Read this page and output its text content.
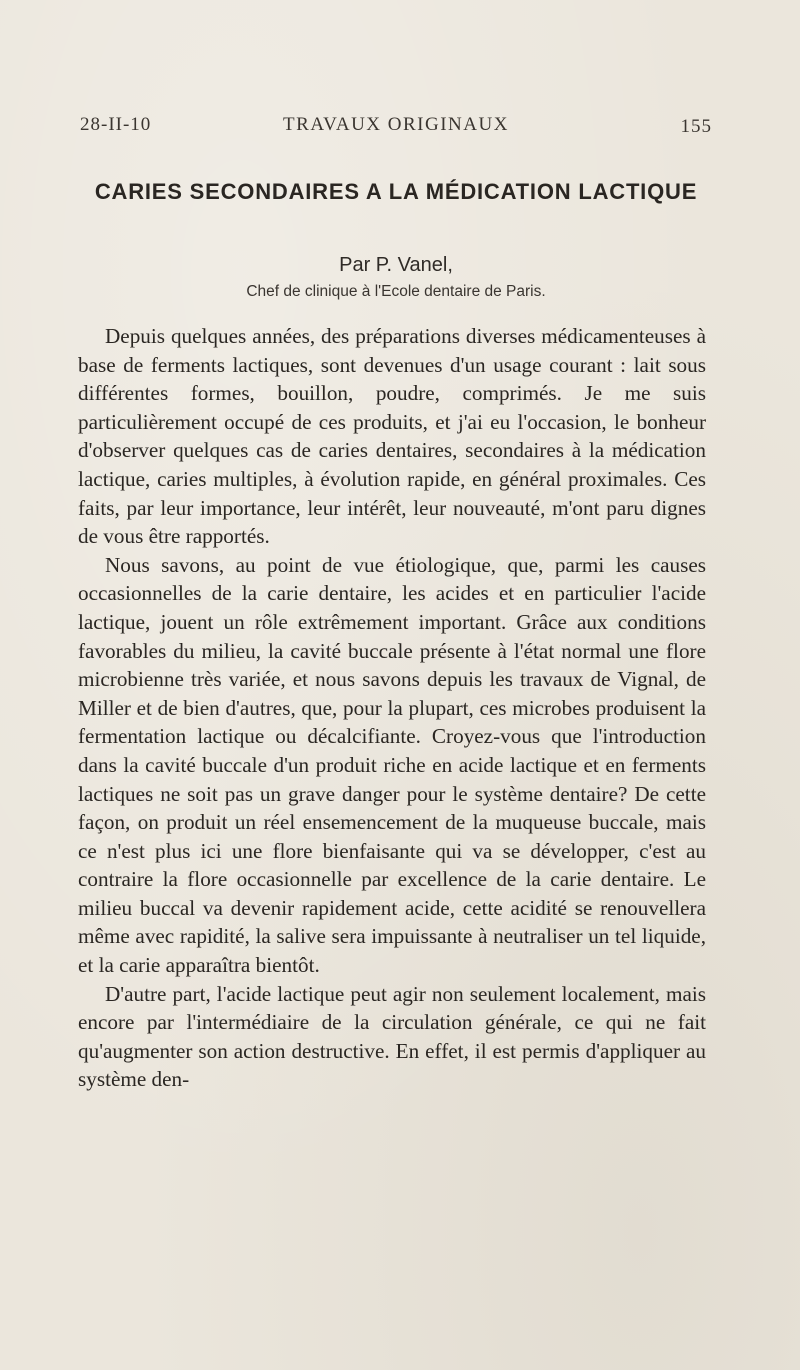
28-II-10	TRAVAUX ORIGINAUX	155
CARIES SECONDAIRES A LA MÉDICATION LACTIQUE
Par P. Vanel,
Chef de clinique à l'Ecole dentaire de Paris.

Depuis quelques années, des préparations diverses médicamenteuses à base de ferments lactiques, sont devenues d'un usage courant : lait sous différentes formes, bouillon, poudre, comprimés. Je me suis particulièrement occupé de ces produits, et j'ai eu l'occasion, le bonheur d'observer quelques cas de caries dentaires, secondaires à la médication lactique, caries multiples, à évolution rapide, en général proximales. Ces faits, par leur importance, leur intérêt, leur nouveauté, m'ont paru dignes de vous être rapportés.

Nous savons, au point de vue étiologique, que, parmi les causes occasionnelles de la carie dentaire, les acides et en particulier l'acide lactique, jouent un rôle extrêmement important. Grâce aux conditions favorables du milieu, la cavité buccale présente à l'état normal une flore microbienne très variée, et nous savons depuis les travaux de Vignal, de Miller et de bien d'autres, que, pour la plupart, ces microbes produisent la fermentation lactique ou décalcifiante. Croyez-vous que l'introduction dans la cavité buccale d'un produit riche en acide lactique et en ferments lactiques ne soit pas un grave danger pour le système dentaire? De cette façon, on produit un réel ensemencement de la muqueuse buccale, mais ce n'est plus ici une flore bienfaisante qui va se développer, c'est au contraire la flore occasionnelle par excellence de la carie dentaire. Le milieu buccal va devenir rapidement acide, cette acidité se renouvellera même avec rapidité, la salive sera impuissante à neutraliser un tel liquide, et la carie apparaîtra bientôt.

D'autre part, l'acide lactique peut agir non seulement localement, mais encore par l'intermédiaire de la circulation générale, ce qui ne fait qu'augmenter son action destructive. En effet, il est permis d'appliquer au système den-
